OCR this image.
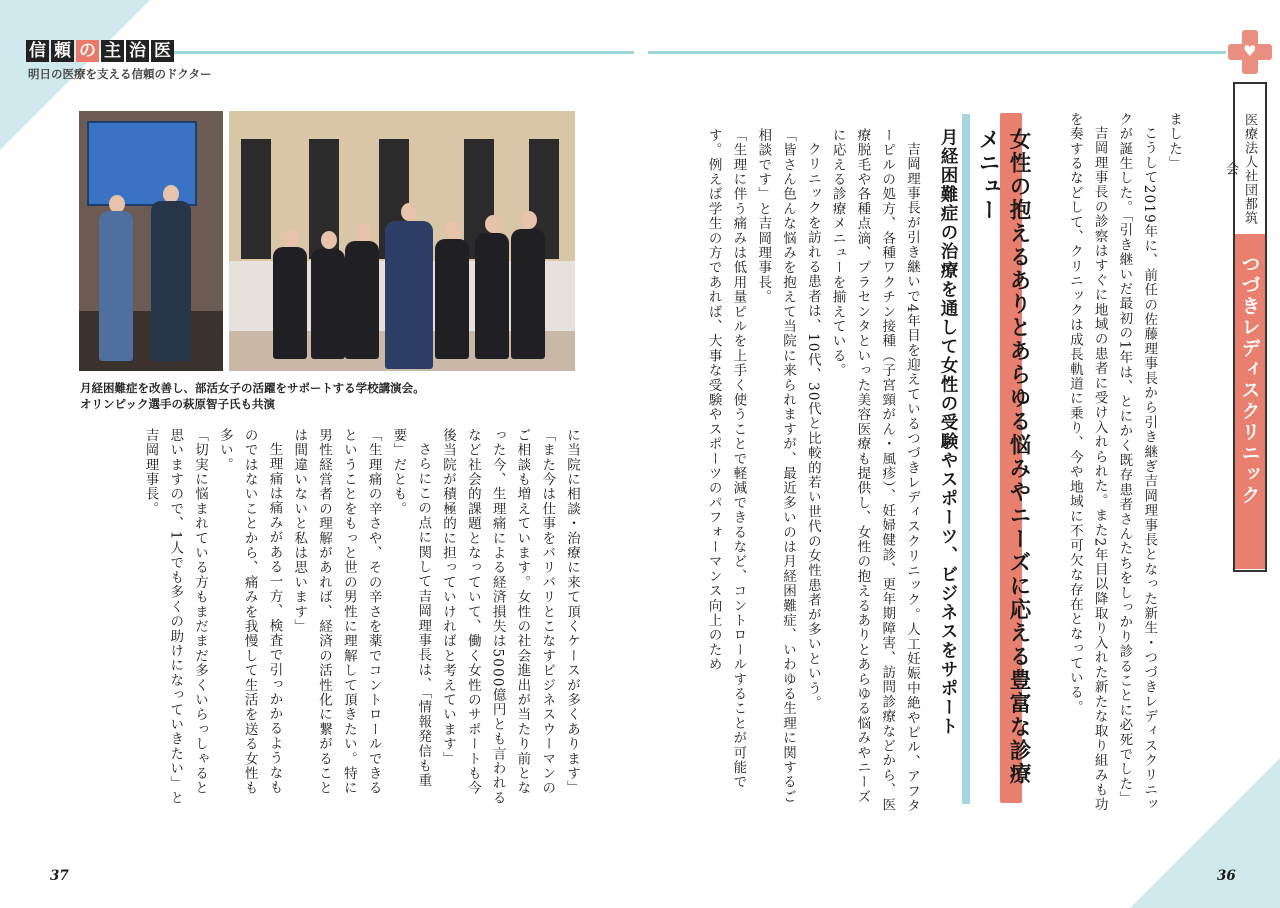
信 頼 の 主 治 医
明日の医療を支える信頼のドクター
♥
医療法人社団都筑会
つづきレディスクリニック

ました」

こうして2019年に、前任の佐藤理事長から引き継ぎ吉岡理事長となった新生・つづきレディスクリニックが誕生した。「引き継いだ最初の1年は、とにかく既存患者さんたちをしっかり診ることに必死でした」

吉岡理事長の診察はすぐに地域の患者に受け入れられた。また2年目以降取り入れた新たな取り組みも功を奏するなどして、クリニックは成長軌道に乗り、今や地域に不可欠な存在となっている。

女性の抱えるありとあらゆる悩みやニーズに応える豊富な診療メニュー
月経困難症の治療を通して女性の受験やスポーツ、ビジネスをサポート

吉岡理事長が引き継いで4年目を迎えているつづきレディスクリニック。人工妊娠中絶やピル、アフターピルの処方、各種ワクチン接種（子宮頸がん・風疹）、妊婦健診、更年期障害、訪問診療などから、医療脱毛や各種点滴、プラセンタといった美容医療も提供し、女性の抱えるありとあらゆる悩みやニーズに応える診療メニューを揃えている。

クリニックを訪れる患者は、10代、30代と比較的若い世代の女性患者が多いという。

「皆さん色んな悩みを抱えて当院に来られますが、最近多いのは月経困難症、いわゆる生理に関するご相談です」と吉岡理事長。

「生理に伴う痛みは低用量ピルを上手く使うことで軽減できるなど、コントロールすることが可能です。例えば学生の方であれば、大事な受験やスポーツのパフォーマンス向上のため

に当院に相談・治療に来て頂くケースが多くあります」

「また今は仕事をバリバリとこなすビジネスウーマンのご相談も増えています。女性の社会進出が当たり前となった今、生理痛による経済損失は5000億円とも言われるなど社会的課題となっていて、働く女性のサポートも今後当院が積極的に担っていければと考えています」

さらにこの点に関して吉岡理事長は、「情報発信も重要」だとも。

「生理痛の辛さや、その辛さを薬でコントロールできるということをもっと世の男性に理解して頂きたい。特に男性経営者の理解があれば、経済の活性化に繋がることは間違いないと私は思います」

生理痛は痛みがある一方、検査で引っかかるようなものではないことから、痛みを我慢して生活を送る女性も多い。

「切実に悩まれている方もまだまだ多くいらっしゃると思いますので、1人でも多くの助けになっていきたい」と吉岡理事長。

月経困難症を改善し、部活女子の活躍をサポートする学校講演会。
オリンピック選手の萩原智子氏も共演
37	36
